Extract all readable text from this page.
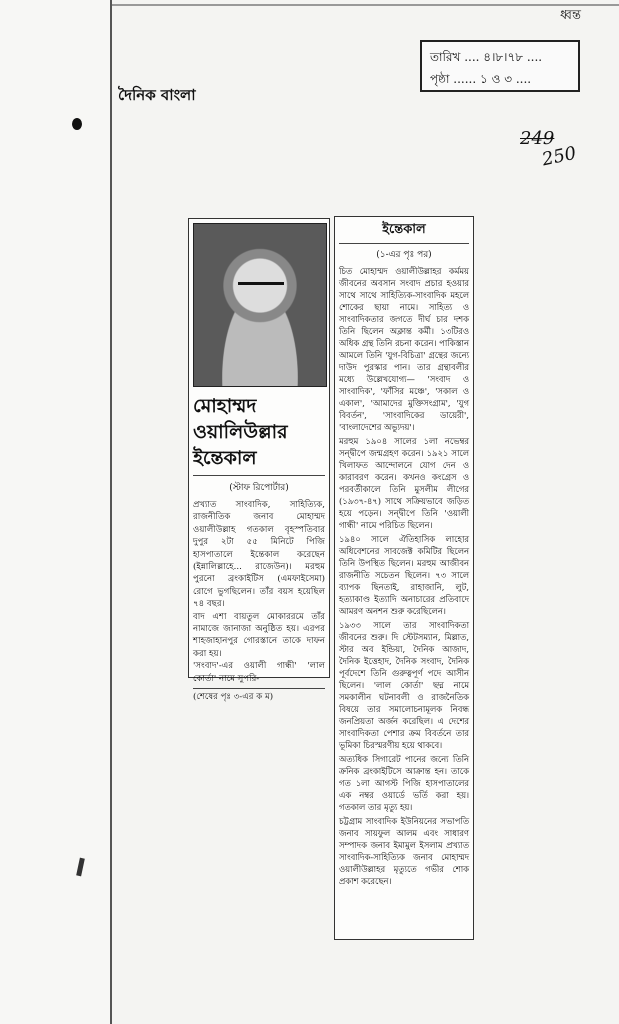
ধ্বন্ত
দৈনিক বাংলা
তারিখ .... ৪।৮।৭৮ ....
পৃষ্ঠা ...... ১ ও ৩ ....
249
250
মোহাম্মদ
ওয়ালিউল্লার
ইন্তেকাল
(স্টাফ রিপোর্টার)
প্রখ্যাত সাংবাদিক, সাহিত্যিক, রাজনীতিক জনাব মোহাম্মদ ওয়ালীউল্লাহ গতকাল বৃহস্পতিবার দুপুর ২টা ৫৫ মিনিটে পিজি হাসপাতালে ইন্তেকাল করেছেন (ইন্নালিল্লাহে... রাজেউন)। মরহুম পুরনো ব্রংকাইটিস (এমফাইসেমা) রোগে ভুগছিলেন। তাঁর বয়স হয়েছিল ৭৪ বছর।
বাদ এশা বায়তুল মোকাররমে তাঁর নামাজে জানাজা অনুষ্ঠিত হয়। এরপর শাহজাহানপুর গোরস্তানে তাকে দাফন করা হয়।
'সংবাদ'-এর ওয়ালী গান্ধী' 'লাল কোর্তা' নামে সুপরি-
(শেষের পৃঃ ৩-এর ক ম)
ইন্তেকাল
(১-এর পৃঃ পর)

চিত মোহাম্মদ ওয়ালীউল্লাহর কর্মময় জীবনের অবসান সংবাদ প্রচার হওয়ার সাথে সাথে সাহিত্যিক-সাংবাদিক মহলে শোকের ছায়া নামে। সাহিত্য ও সাংবাদিকতার জগতে দীর্ঘ চার দশক তিনি ছিলেন অক্লান্ত কর্মী। ১৩টিরও অধিক গ্রন্থ তিনি রচনা করেন। পাকিস্তান আমলে তিনি 'যুগ-বিচিত্রা' গ্রন্থের জন্যে দাউদ পুরস্কার পান। তার গ্রন্থাবলীর মধ্যে উল্লেখযোগ্য— 'সংবাদ ও সাংবাদিক', 'ফাঁসির মঞ্চে', 'সকাল ও একাল', 'আমাদের মুক্তিসংগ্রাম', 'যুগ বিবর্তন', 'সাংবাদিকের ডায়েরী', 'বাংলাদেশের অভ্যুদয়'।

মরহুম ১৯০৪ সালের ১লা নভেম্বর সন্দ্বীপে জন্মগ্রহণ করেন। ১৯২১ সালে খিলাফত আন্দোলনে যোগ দেন ও কারাবরণ করেন। কখনও কংগ্রেস ও পরবর্তীকালে তিনি মুসলীম লীগের (১৯৩৭-৪৭) সাথে সক্রিয়ভাবে জড়িত হয়ে পড়েন। সন্দ্বীপে তিনি 'ওয়ালী গান্ধী' নামে পরিচিত ছিলেন।

১৯৪০ সালে ঐতিহাসিক লাহোর অধিবেশনের সাবজেক্ট কমিটির ছিলেন তিনি উপস্থিত ছিলেন। মরহুম আজীবন রাজনীতি সচেতন ছিলেন। ৭৩ সালে ব্যাপক ছিনতাই, রাহাজানি, লুট, হত্যাকাণ্ড ইত্যাদি অনাচারের প্রতিবাদে আমরণ অনশন শুরু করেছিলেন।

১৯৩৩ সালে তার সাংবাদিকতা জীবনের শুরু। দি স্টেটসম্যান, মিল্লাত, স্টার অব ইন্ডিয়া, দৈনিক আজাদ, দৈনিক ইত্তেহাদ, দৈনিক সংবাদ, দৈনিক পূর্বদেশে তিনি গুরুত্বপূর্ণ পদে আসীন ছিলেন। 'লাল কোর্তা' ছদ্ম নামে সমকালীন ঘটনাবলী ও রাজনৈতিক বিষয়ে তার সমালোচনামূলক নিবন্ধ জনপ্রিয়তা অর্জন করেছিল। এ দেশের সাংবাদিকতা পেশার ক্রম বিবর্তনে তার ভূমিকা চিরস্মরণীয় হয়ে থাকবে।

অত্যধিক সিগারেট পানের জন্যে তিনি ক্রনিক ব্রংকাইটিসে আক্রান্ত হন। তাকে গত ১লা আগস্ট পিজি হাসপাতালের এক নম্বর ওয়ার্ডে ভর্তি করা হয়। গতকাল তার মৃত্যু হয়।

চট্টগ্রাম সাংবাদিক ইউনিয়নের সভাপতি জনাব সায়ফুল আলম এবং সাধারণ সম্পাদক জনাব ইমামুল ইসলাম প্রখ্যাত সাংবাদিক-সাহিত্যিক জনাব মোহাম্মদ ওয়ালীউল্লাহর মৃত্যুতে গভীর শোক প্রকাশ করেছেন।
